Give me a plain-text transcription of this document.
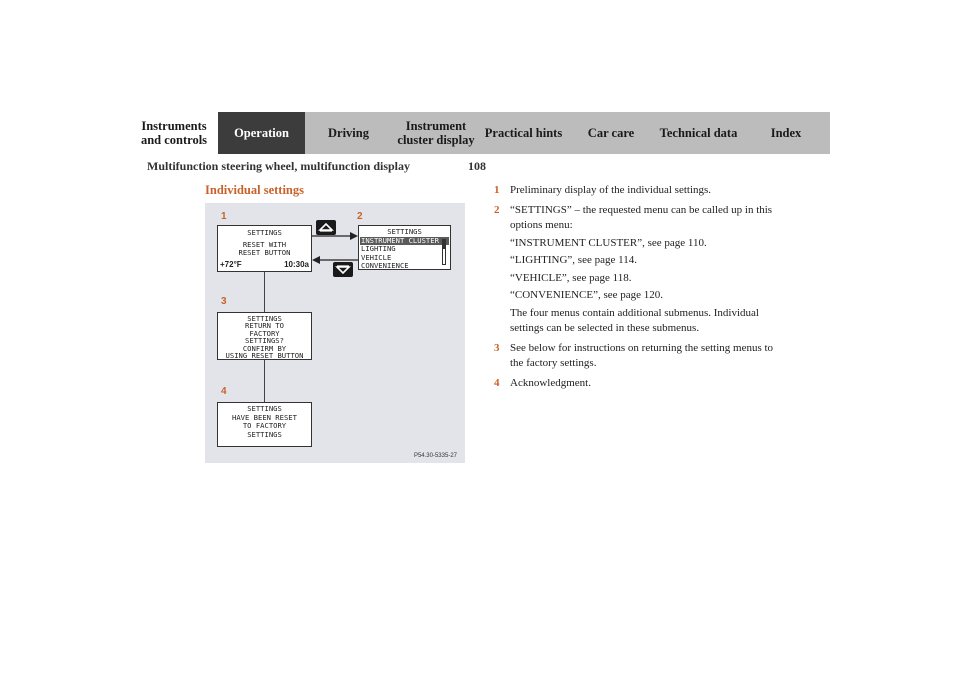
Instruments and controls
Operation	Driving
Instrument cluster display
Practical hints	Car care	Technical data	Index
Multifunction steering wheel, multifunction display	108
Individual settings
1	2
3
4
SETTINGS
RESET WITH
RESET BUTTON
+72°F	10:30a
SETTINGS
INSTRUMENT CLUSTER
LIGHTING
VEHICLE
CONVENIENCE
SETTINGS
RETURN TO
FACTORY
SETTINGS?
CONFIRM BY
USING RESET BUTTON
SETTINGS
HAVE BEEN RESET
TO FACTORY
SETTINGS
P54.30-5335-27
1 Preliminary display of the individual settings.

2 “SETTINGS” – the requested menu can be called up in this options menu:

“INSTRUMENT CLUSTER”, see page 110.

“LIGHTING”, see page 114.

“VEHICLE”, see page 118.

“CONVENIENCE”, see page 120.

The four menus contain additional submenus. Individual settings can be selected in these submenus.

3 See below for instructions on returning the setting menus to the factory settings.

4 Acknowledgment.
